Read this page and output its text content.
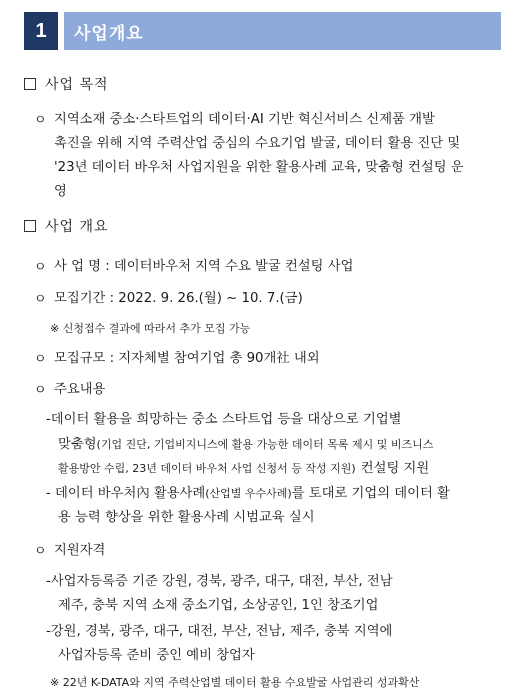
1	사업개요
사업 목적
ㅇ 지역소재 중소·스타트업의 데이터·AI 기반 혁신서비스 신제품 개발
촉진을 위해 지역 주력산업 중심의 수요기업 발굴, 데이터 활용 진단 및
'23년 데이터 바우처 사업지원을 위한 활용사례 교육, 맞춤형 컨설팅 운
영
사업 개요
ㅇ 사 업 명 : 데이터바우처 지역 수요 발굴 컨설팅 사업
ㅇ 모집기간 : 2022. 9. 26.(월) ~ 10. 7.(금)
※ 신청접수 결과에 따라서 추가 모집 가능
ㅇ 모집규모 : 지자체별 참여기업 총 90개社 내외
ㅇ 주요내용
-데이터 활용을 희망하는 중소 스타트업 등을 대상으로 기업별
맞춤형(기업 진단, 기업비지니스에 활용 가능한 데이터 목록 제시 및 비즈니스
활용방안 수립, 23년 데이터 바우처 사업 신청서 등 작성 지원) 컨설팅 지원
- 데이터 바우처內 활용사례(산업별 우수사례)를 토대로 기업의 데이터 활
용 능력 향상을 위한 활용사례 시범교육 실시
ㅇ 지원자격
-사업자등록증 기준 강원, 경북, 광주, 대구, 대전, 부산, 전남
제주, 충북 지역 소재 중소기업, 소상공인, 1인 창조기업
-강원, 경북, 광주, 대구, 대전, 부산, 전남, 제주, 충북 지역에
사업자등록 준비 중인 예비 창업자
※ 22년 K-DATA와 지역 주력산업별 데이터 활용 수요발굴 사업관리 성과확산
